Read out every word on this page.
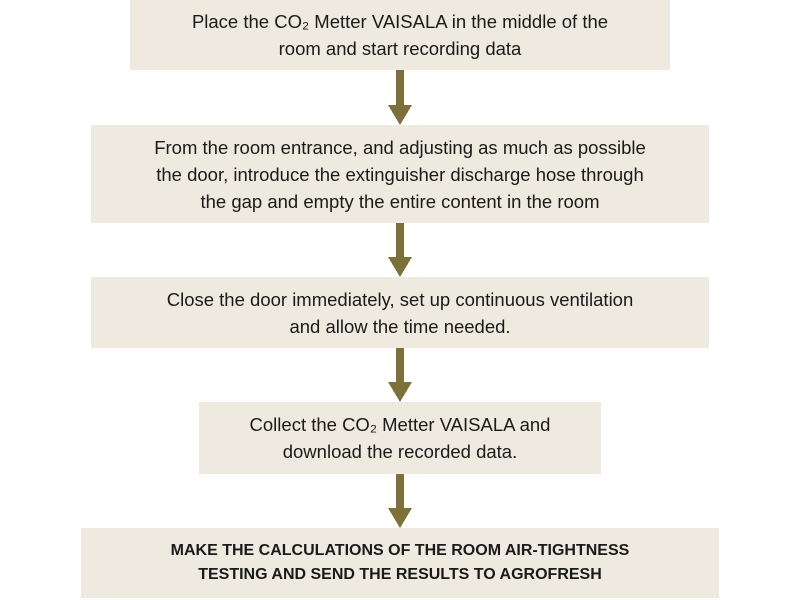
Place the CO₂ Metter VAISALA in the middle of the
room and start recording data
From the room entrance, and adjusting as much as possible
the door, introduce the extinguisher discharge hose through
the gap and empty the entire content in the room
Close the door immediately, set up continuous ventilation
and allow the time needed.
Collect the CO₂ Metter VAISALA and
download the recorded data.
MAKE THE CALCULATIONS OF THE ROOM AIR-TIGHTNESS
TESTING AND SEND THE RESULTS TO AGROFRESH
